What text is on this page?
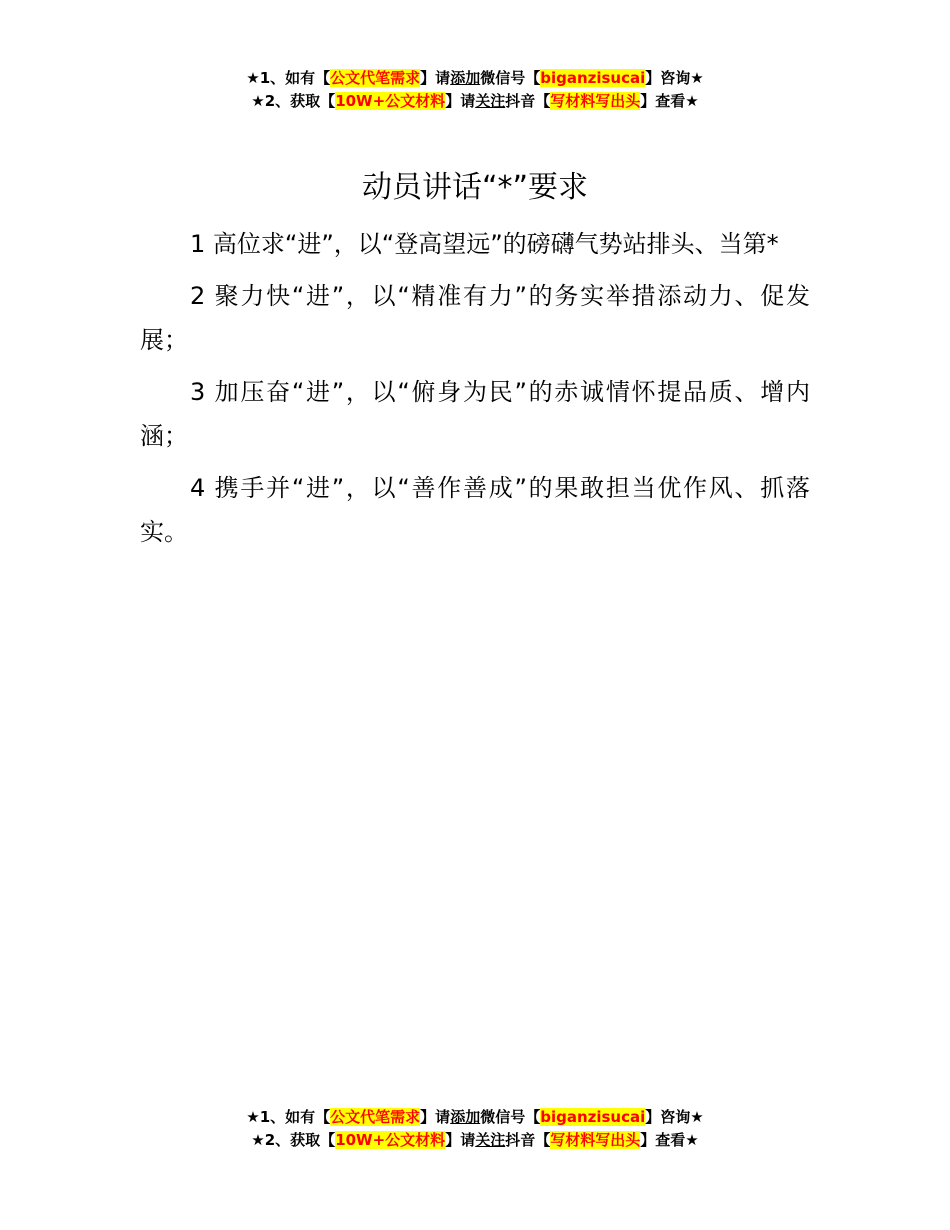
★1、如有【公文代笔需求】请添加微信号【biganzisucai】咨询★
★2、获取【10W+公文材料】请关注抖音【写材料写出头】查看★
动员讲话“*”要求

1 高位求“进”，以“登高望远”的磅礴气势站排头、当第*

2 聚力快“进”，以“精准有力”的务实举措添动力、促发展；

3 加压奋“进”，以“俯身为民”的赤诚情怀提品质、增内涵；

4 携手并“进”，以“善作善成”的果敢担当优作风、抓落实。

★1、如有【公文代笔需求】请添加微信号【biganzisucai】咨询★
★2、获取【10W+公文材料】请关注抖音【写材料写出头】查看★
